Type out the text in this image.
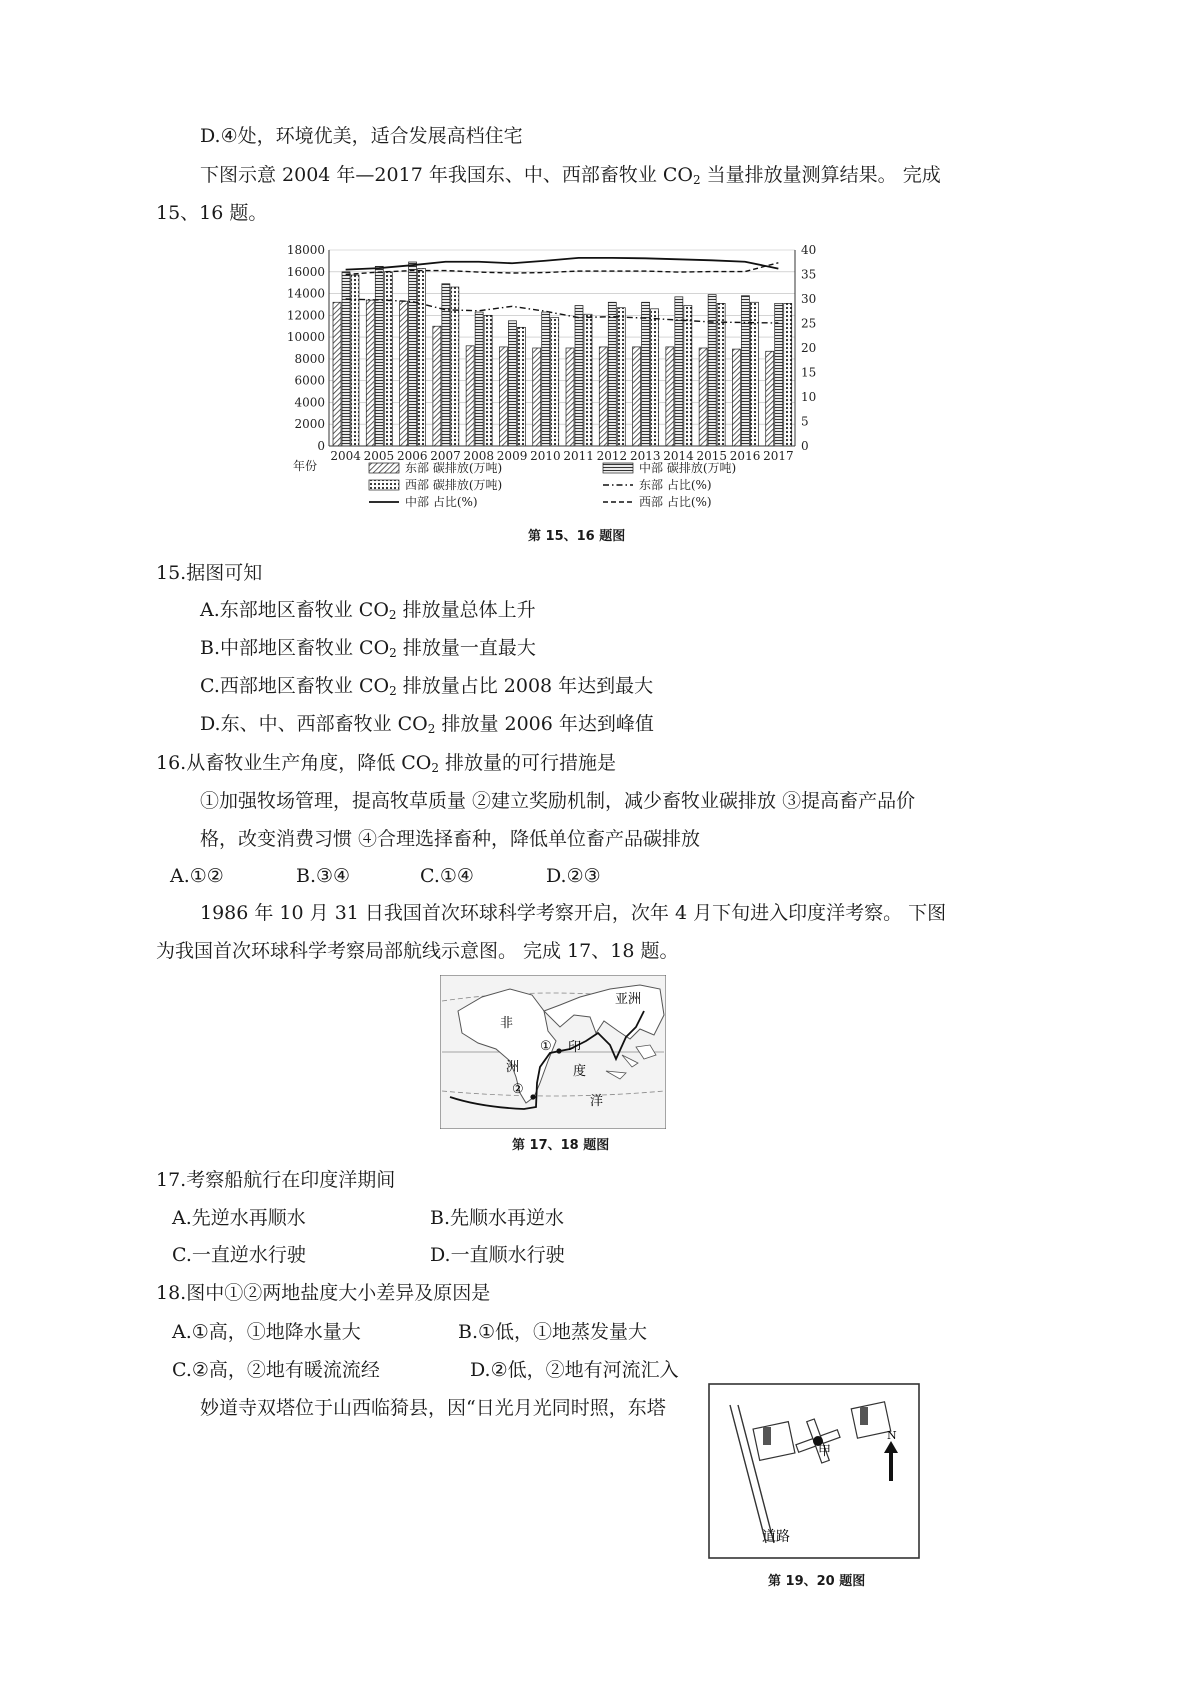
D.④处，环境优美，适合发展高档住宅
下图示意 2004 年—2017 年我国东、中、西部畜牧业 $CO_2$ 当量排放量测算结果。 完成
15、16 题。
0
2000
4000
6000
8000
10000
12000
14000
16000
18000
0
5
10
15
20
25
30
35
40
2004 2005 2006 2007 2008 2009 2010 2011 2012 2013 2014 2015 2016 2017
年份	东部 碳排放(万吨)	中部 碳排放(万吨)
西部 碳排放(万吨)	东部 占比(%)
中部 占比(%)	西部 占比(%)
第 15、16 题图
15.据图可知
A.东部地区畜牧业 $CO_2$ 排放量总体上升
B.中部地区畜牧业 $CO_2$ 排放量一直最大
C.西部地区畜牧业 $CO_2$ 排放量占比 2008 年达到最大
D.东、中、西部畜牧业 $CO_2$ 排放量 2006 年达到峰值
16.从畜牧业生产角度，降低 $CO_2$ 排放量的可行措施是
①加强牧场管理，提高牧草质量 ②建立奖励机制，减少畜牧业碳排放 ③提高畜产品价
格，改变消费习惯 ④合理选择畜种，降低单位畜产品碳排放
A.①②	B.③④	C.①④	D.②③
1986 年 10 月 31 日我国首次环球科学考察开启，次年 4 月下旬进入印度洋考察。 下图
为我国首次环球科学考察局部航线示意图。 完成 17、18 题。
亚洲
非
洲
① 印
度
②
洋
第 17、18 题图
17.考察船航行在印度洋期间
A.先逆水再顺水	B.先顺水再逆水
C.一直逆水行驶	D.一直顺水行驶
18.图中①②两地盐度大小差异及原因是
A.①高，①地降水量大	B.①低，①地蒸发量大
C.②高，②地有暖流流经	D.②低，②地有河流汇入
妙道寺双塔位于山西临猗县，因“日光月光同时照，东塔
甲
道路
N
第 19、20 题图
